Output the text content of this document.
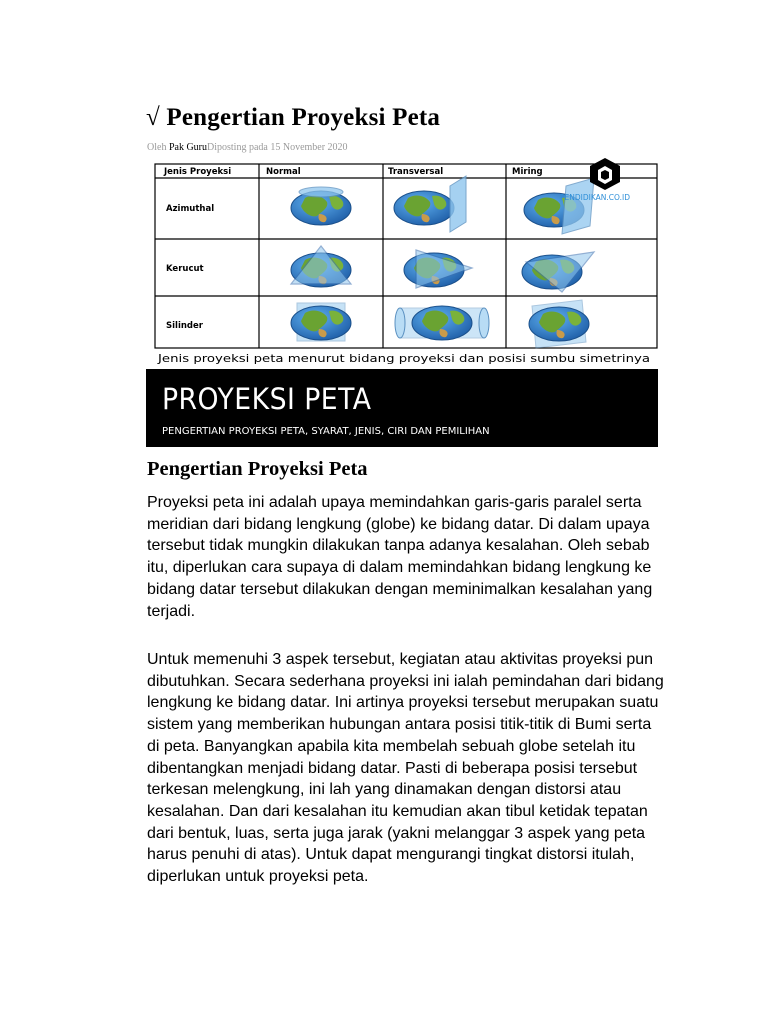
√ Pengertian Proyeksi Peta
Oleh Pak GuruDiposting pada 15 November 2020
Jenis Proyeksi	Normal	Transversal	Miring
Azimuthal
Kerucut
Silinder
PENDIDIKAN.CO.ID
Jenis proyeksi peta menurut bidang proyeksi dan posisi sumbu simetrinya
PROYEKSI PETA
PENGERTIAN PROYEKSI PETA, SYARAT, JENIS, CIRI DAN PEMILIHAN
Pengertian Proyeksi Peta

Proyeksi peta ini adalah upaya memindahkan garis-garis paralel serta meridian dari bidang lengkung (globe) ke bidang datar. Di dalam upaya tersebut tidak mungkin dilakukan tanpa adanya kesalahan. Oleh sebab itu, diperlukan cara supaya di dalam memindahkan bidang lengkung ke bidang datar tersebut dilakukan dengan meminimalkan kesalahan yang terjadi.

Untuk memenuhi 3 aspek tersebut, kegiatan atau aktivitas proyeksi pun dibutuhkan. Secara sederhana proyeksi ini ialah pemindahan dari bidang lengkung ke bidang datar. Ini artinya proyeksi tersebut merupakan suatu sistem yang memberikan hubungan antara posisi titik-titik di Bumi serta di peta. Banyangkan apabila kita membelah sebuah globe setelah itu dibentangkan menjadi bidang datar. Pasti di beberapa posisi tersebut terkesan melengkung, ini lah yang dinamakan dengan distorsi atau kesalahan. Dan dari kesalahan itu kemudian akan tibul ketidak tepatan dari bentuk, luas, serta juga jarak (yakni melanggar 3 aspek yang peta harus penuhi di atas). Untuk dapat mengurangi tingkat distorsi itulah, diperlukan untuk proyeksi peta.
